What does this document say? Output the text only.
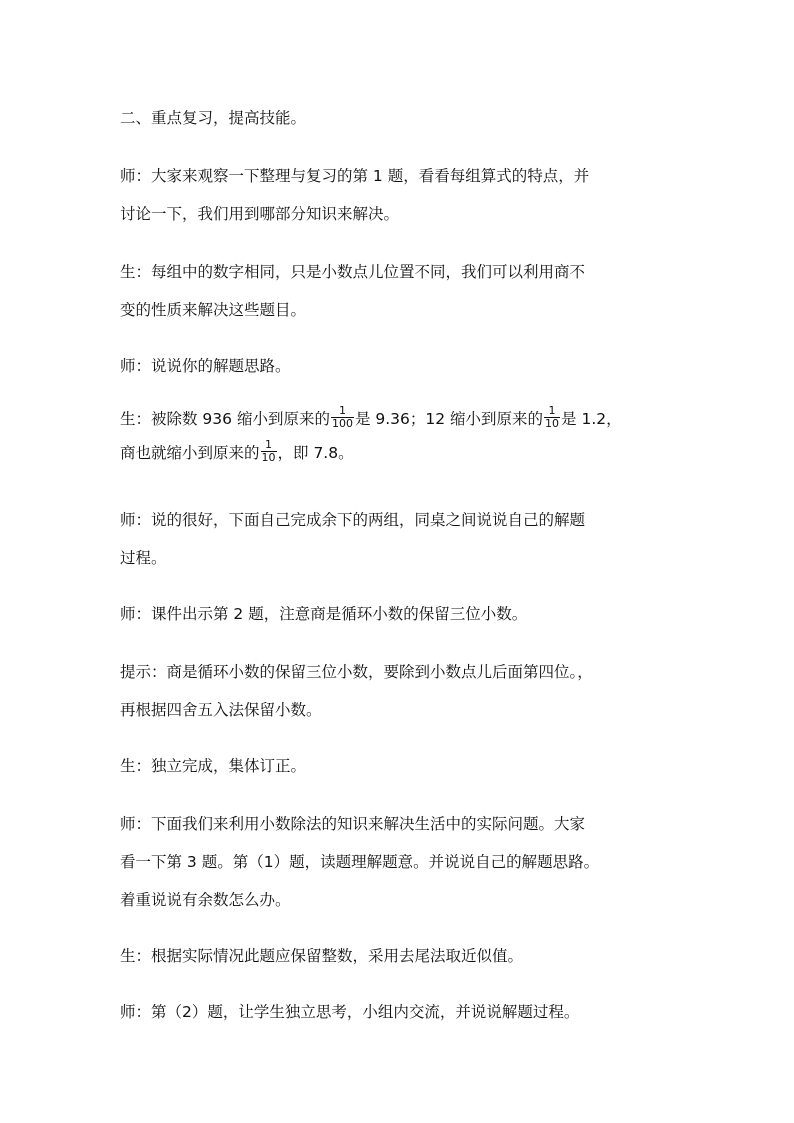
二、重点复习，提高技能。

师：大家来观察一下整理与复习的第 1 题，看看每组算式的特点，并
讨论一下，我们用到哪部分知识来解决。

生：每组中的数字相同，只是小数点儿位置不同，我们可以利用商不
变的性质来解决这些题目。

师：说说你的解题思路。

生：被除数 936 缩小到原来的 $\frac{1}{100}$ 是 9.36；12 缩小到原来的 $\frac{1}{10}$ 是 1.2，
商也就缩小到原来的 $\frac{1}{10}$ ，即 7.8。

师：说的很好，下面自己完成余下的两组，同桌之间说说自己的解题
过程。

师：课件出示第 2 题，注意商是循环小数的保留三位小数。

提示：商是循环小数的保留三位小数，要除到小数点儿后面第四位。，
再根据四舍五入法保留小数。

生：独立完成，集体订正。

师：下面我们来利用小数除法的知识来解决生活中的实际问题。大家
看一下第 3 题。第（1）题，读题理解题意。并说说自己的解题思路。
着重说说有余数怎么办。

生：根据实际情况此题应保留整数，采用去尾法取近似值。

师：第（2）题，让学生独立思考，小组内交流，并说说解题过程。
